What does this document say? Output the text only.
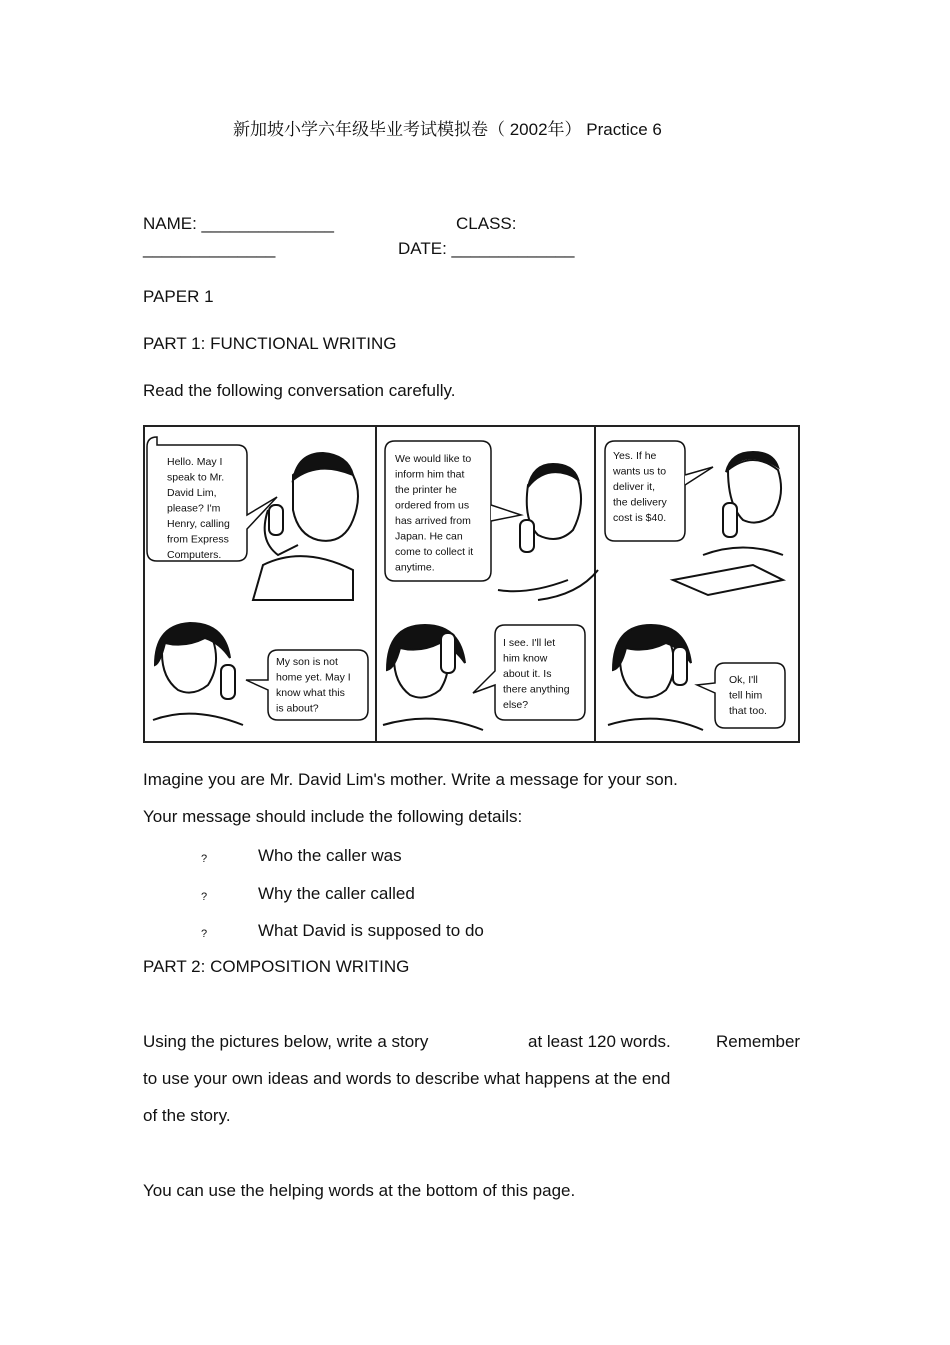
新加坡小学六年级毕业考试模拟卷（ 2002年） Practice 6
NAME: ______________	CLASS:
______________	DATE: _____________
PAPER 1
PART 1: FUNCTIONAL WRITING
Read the following conversation carefully.
Hello. May I speak to Mr. David Lim, please? I'm Henry, calling from Express Computers.
We would like to inform him that the printer he ordered from us has arrived from Japan. He can come to collect it anytime.
Yes. If he wants us to deliver it, the delivery cost is $40.
My son is not home yet. May I know what this is about?
I see. I'll let him know about it. Is there anything else?
Ok, I'll tell him that too.
Imagine you are Mr. David Lim's mother. Write a message for your son.
Your message should include the following details:
?	Who the caller was
?	Why the caller called
?	What David is supposed to do
PART 2: COMPOSITION WRITING
Using the pictures below, write a story	at least 120 words.	Remember
to use your own ideas and words to describe what happens at the end
of the story.
You can use the helping words at the bottom of this page.
